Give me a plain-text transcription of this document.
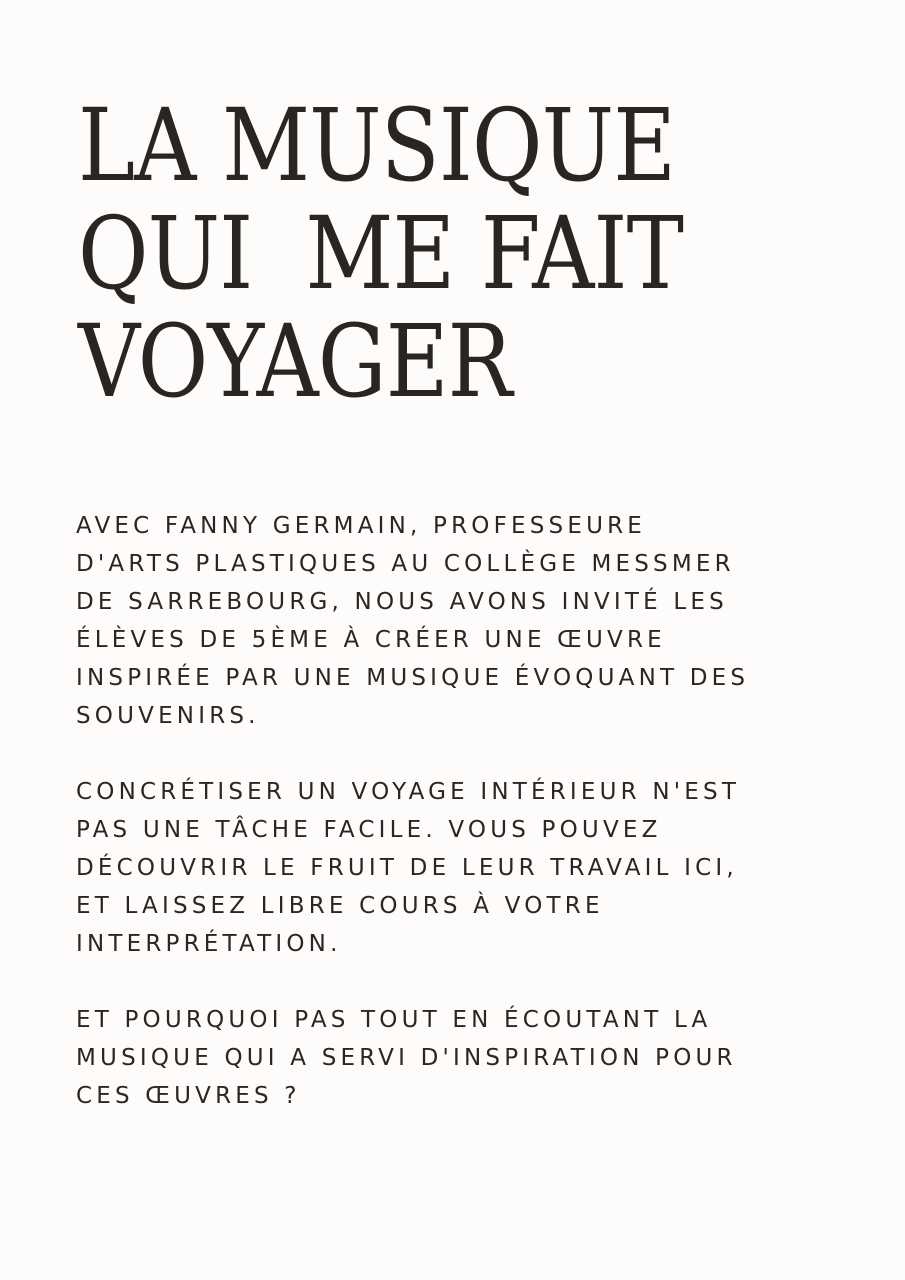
LA MUSIQUE
QUI  ME FAIT
VOYAGER

AVEC FANNY GERMAIN, PROFESSEURE
D'ARTS PLASTIQUES AU COLLÈGE MESSMER
DE SARREBOURG, NOUS AVONS INVITÉ LES
ÉLÈVES DE 5ÈME À CRÉER UNE ŒUVRE
INSPIRÉE PAR UNE MUSIQUE ÉVOQUANT DES
SOUVENIRS.

CONCRÉTISER UN VOYAGE INTÉRIEUR N'EST
PAS UNE TÂCHE FACILE. VOUS POUVEZ
DÉCOUVRIR LE FRUIT DE LEUR TRAVAIL ICI,
ET LAISSEZ LIBRE COURS À VOTRE
INTERPRÉTATION.

ET POURQUOI PAS TOUT EN ÉCOUTANT LA
MUSIQUE QUI A SERVI D'INSPIRATION POUR
CES ŒUVRES ?
